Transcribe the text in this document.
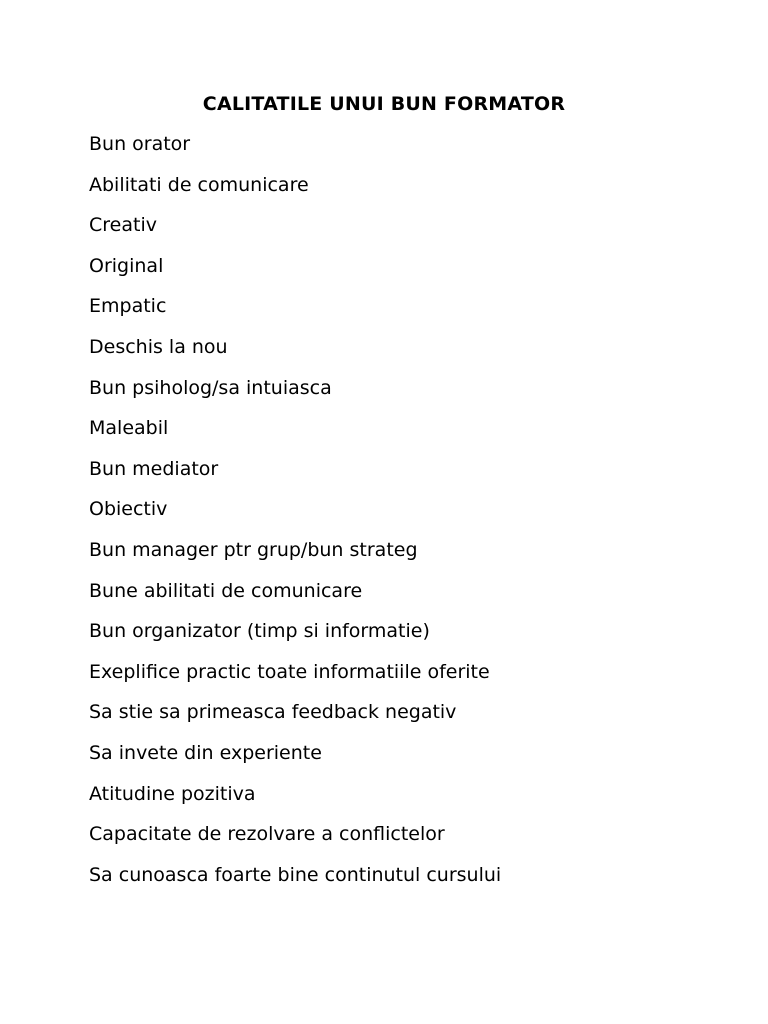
CALITATILE UNUI BUN FORMATOR
Bun orator
Abilitati de comunicare
Creativ
Original
Empatic
Deschis la nou
Bun psiholog/sa intuiasca
Maleabil
Bun mediator
Obiectiv
Bun manager ptr grup/bun strateg
Bune abilitati de comunicare
Bun organizator (timp si informatie)
Exeplifice practic toate informatiile oferite
Sa stie sa primeasca feedback negativ
Sa invete din experiente
Atitudine pozitiva
Capacitate de rezolvare a conflictelor
Sa cunoasca foarte bine continutul cursului
